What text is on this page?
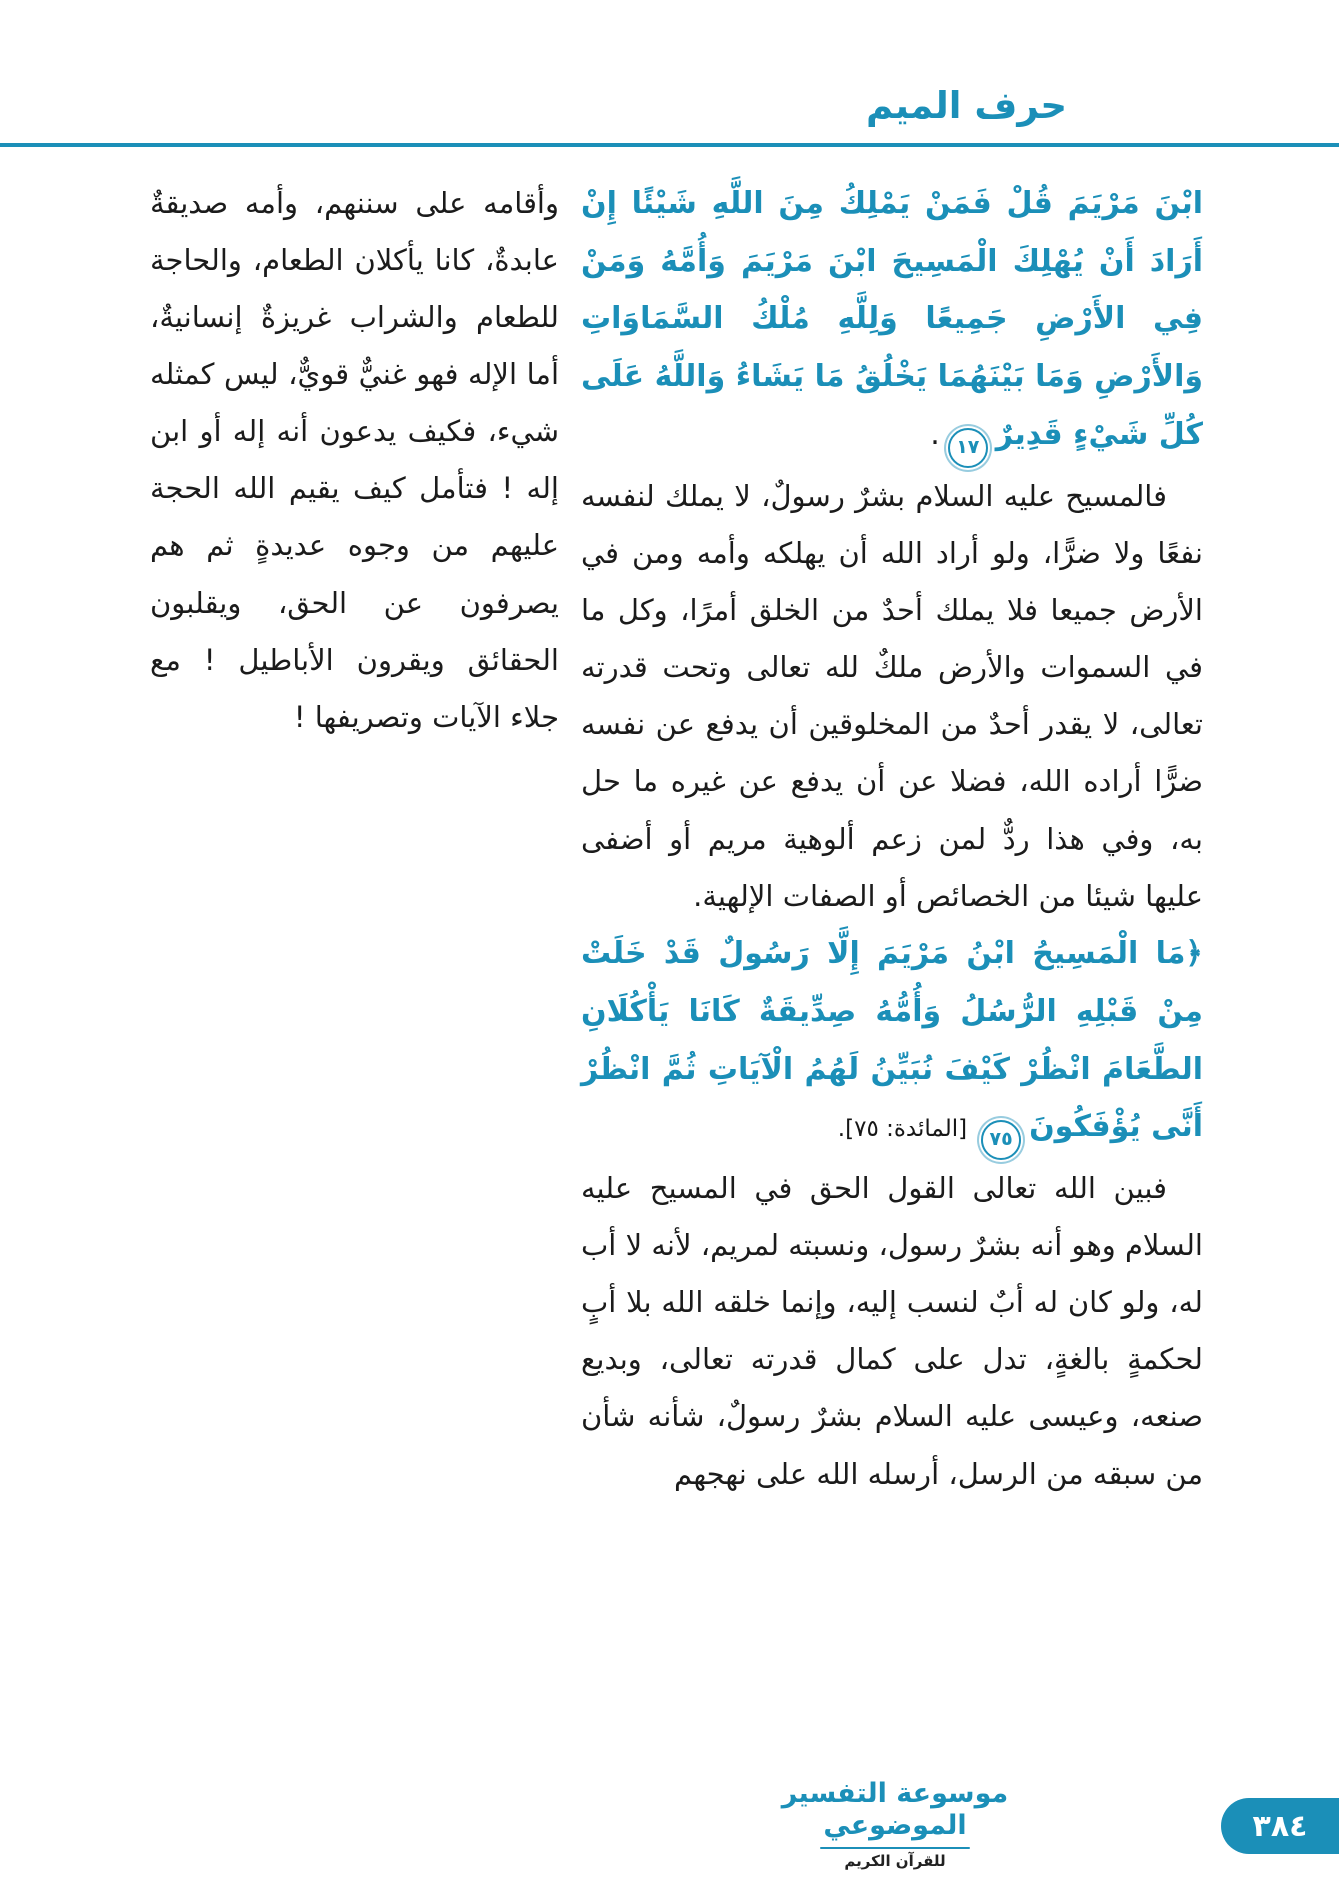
حرف الميم

ابْنَ مَرْيَمَ قُلْ فَمَنْ يَمْلِكُ مِنَ اللَّهِ شَيْئًا إِنْ أَرَادَ أَنْ يُهْلِكَ الْمَسِيحَ ابْنَ مَرْيَمَ وَأُمَّهُ وَمَنْ فِي الأَرْضِ جَمِيعًا وَلِلَّهِ مُلْكُ السَّمَاوَاتِ وَالأَرْضِ وَمَا بَيْنَهُمَا يَخْلُقُ مَا يَشَاءُ وَاللَّهُ عَلَى كُلِّ شَيْءٍ قَدِيرٌ١٧.

فالمسيح عليه السلام بشرٌ رسولٌ، لا يملك لنفسه نفعًا ولا ضرًّا، ولو أراد الله أن يهلكه وأمه ومن في الأرض جميعا فلا يملك أحدٌ من الخلق أمرًا، وكل ما في السموات والأرض ملكٌ لله تعالى وتحت قدرته تعالى، لا يقدر أحدٌ من المخلوقين أن يدفع عن نفسه ضرًّا أراده الله، فضلا عن أن يدفع عن غيره ما حل به، وفي هذا ردٌّ لمن زعم ألوهية مريم أو أضفى عليها شيئا من الخصائص أو الصفات الإلهية.

﴿مَا الْمَسِيحُ ابْنُ مَرْيَمَ إِلَّا رَسُولٌ قَدْ خَلَتْ مِنْ قَبْلِهِ الرُّسُلُ وَأُمُّهُ صِدِّيقَةٌ كَانَا يَأْكُلَانِ الطَّعَامَ انْظُرْ كَيْفَ نُبَيِّنُ لَهُمُ الْآيَاتِ ثُمَّ انْظُرْ أَنَّى يُؤْفَكُونَ٧٥[المائدة: ٧٥].

فبين الله تعالى القول الحق في المسيح عليه السلام وهو أنه بشرٌ رسول، ونسبته لمريم، لأنه لا أب له، ولو كان له أبٌ لنسب إليه، وإنما خلقه الله بلا أبٍ لحكمةٍ بالغةٍ، تدل على كمال قدرته تعالى، وبديع صنعه، وعيسى عليه السلام بشرٌ رسولٌ، شأنه شأن من سبقه من الرسل، أرسله الله على نهجهم

وأقامه على سننهم، وأمه صديقةٌ عابدةٌ، كانا يأكلان الطعام، والحاجة للطعام والشراب غريزةٌ إنسانيةٌ، أما الإله فهو غنيٌّ قويٌّ، ليس كمثله شيء، فكيف يدعون أنه إله أو ابن إله ! فتأمل كيف يقيم الله الحجة عليهم من وجوه عديدةٍ ثم هم يصرفون عن الحق، ويقلبون الحقائق ويقرون الأباطيل ! مع جلاء الآيات وتصريفها !

موسوعة التفسير الموضوعي
للقرآن الكريم
٣٨٤
